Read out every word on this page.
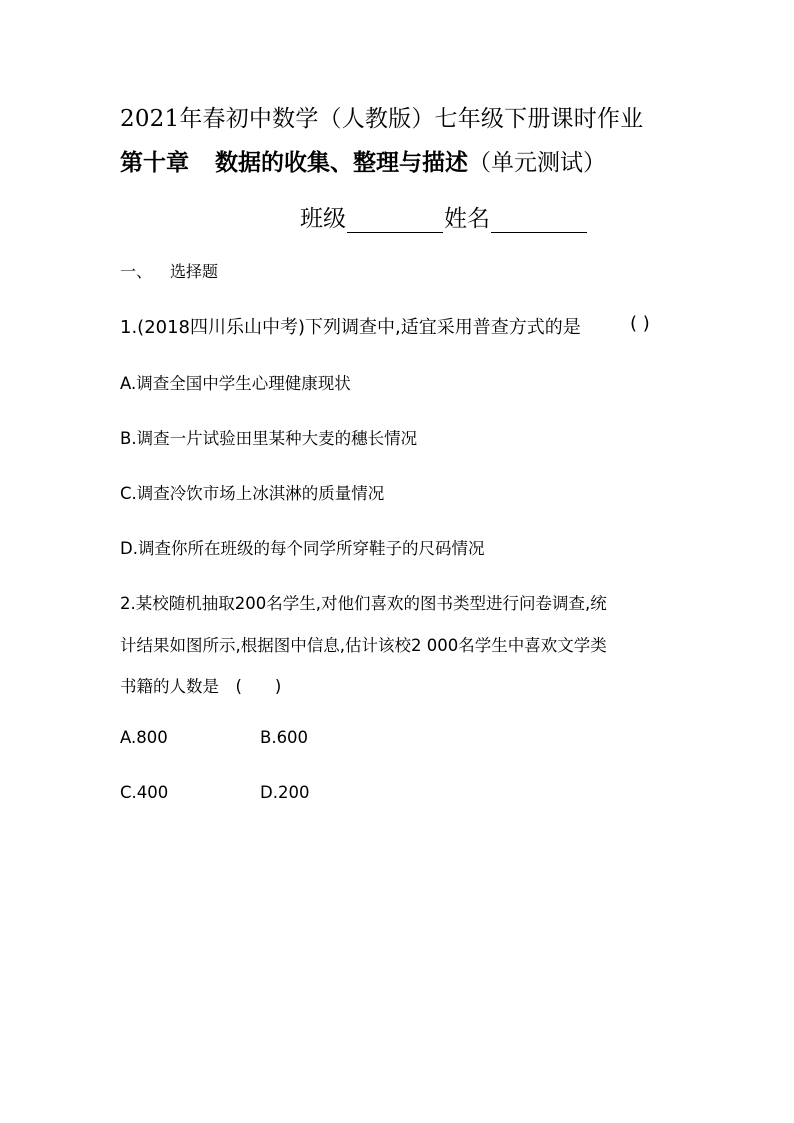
2021年春初中数学（人教版）七年级下册课时作业
第十章 数据的收集、整理与描述（单元测试）
班级	姓名
一、 选择题
1.(2018四川乐山中考)下列调查中,适宜采用普查方式的是	( )
A.调查全国中学生心理健康现状
B.调查一片试验田里某种大麦的穗长情况
C.调查冷饮市场上冰淇淋的质量情况
D.调查你所在班级的每个同学所穿鞋子的尺码情况
2.某校随机抽取200名学生,对他们喜欢的图书类型进行问卷调查,统
计结果如图所示,根据图中信息,估计该校2 000名学生中喜欢文学类
书籍的人数是　(　　)
A.800	B.600
C.400	D.200
